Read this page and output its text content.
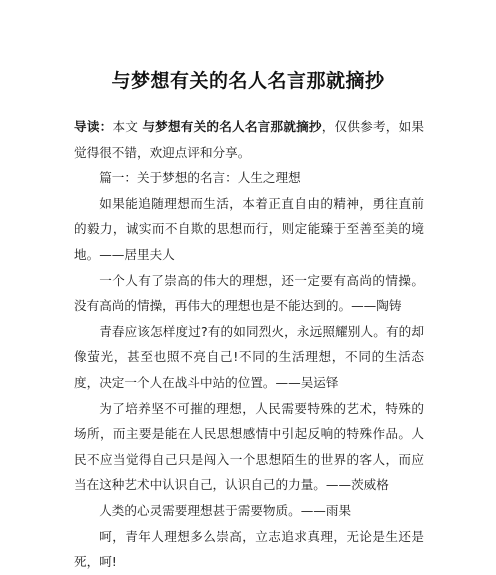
与梦想有关的名人名言那就摘抄

导读：本文 与梦想有关的名人名言那就摘抄，仅供参考，如果觉得很不错，欢迎点评和分享。

篇一：关于梦想的名言：人生之理想

如果能追随理想而生活，本着正直自由的精神，勇往直前的毅力，诚实而不自欺的思想而行，则定能臻于至善至美的境地。——居里夫人

一个人有了崇高的伟大的理想，还一定要有高尚的情操。没有高尚的情操，再伟大的理想也是不能达到的。——陶铸

青春应该怎样度过?有的如同烈火，永远照耀别人。有的却像萤光，甚至也照不亮自己!不同的生活理想，不同的生活态度，决定一个人在战斗中站的位置。——吴运铎

为了培养坚不可摧的理想，人民需要特殊的艺术，特殊的场所，而主要是能在人民思想感情中引起反响的特殊作品。人民不应当觉得自己只是闯入一个思想陌生的世界的客人，而应当在这种艺术中认识自己，认识自己的力量。——茨威格

人类的心灵需要理想甚于需要物质。——雨果

呵，青年人理想多么崇高，立志追求真理，无论是生还是死，呵!
